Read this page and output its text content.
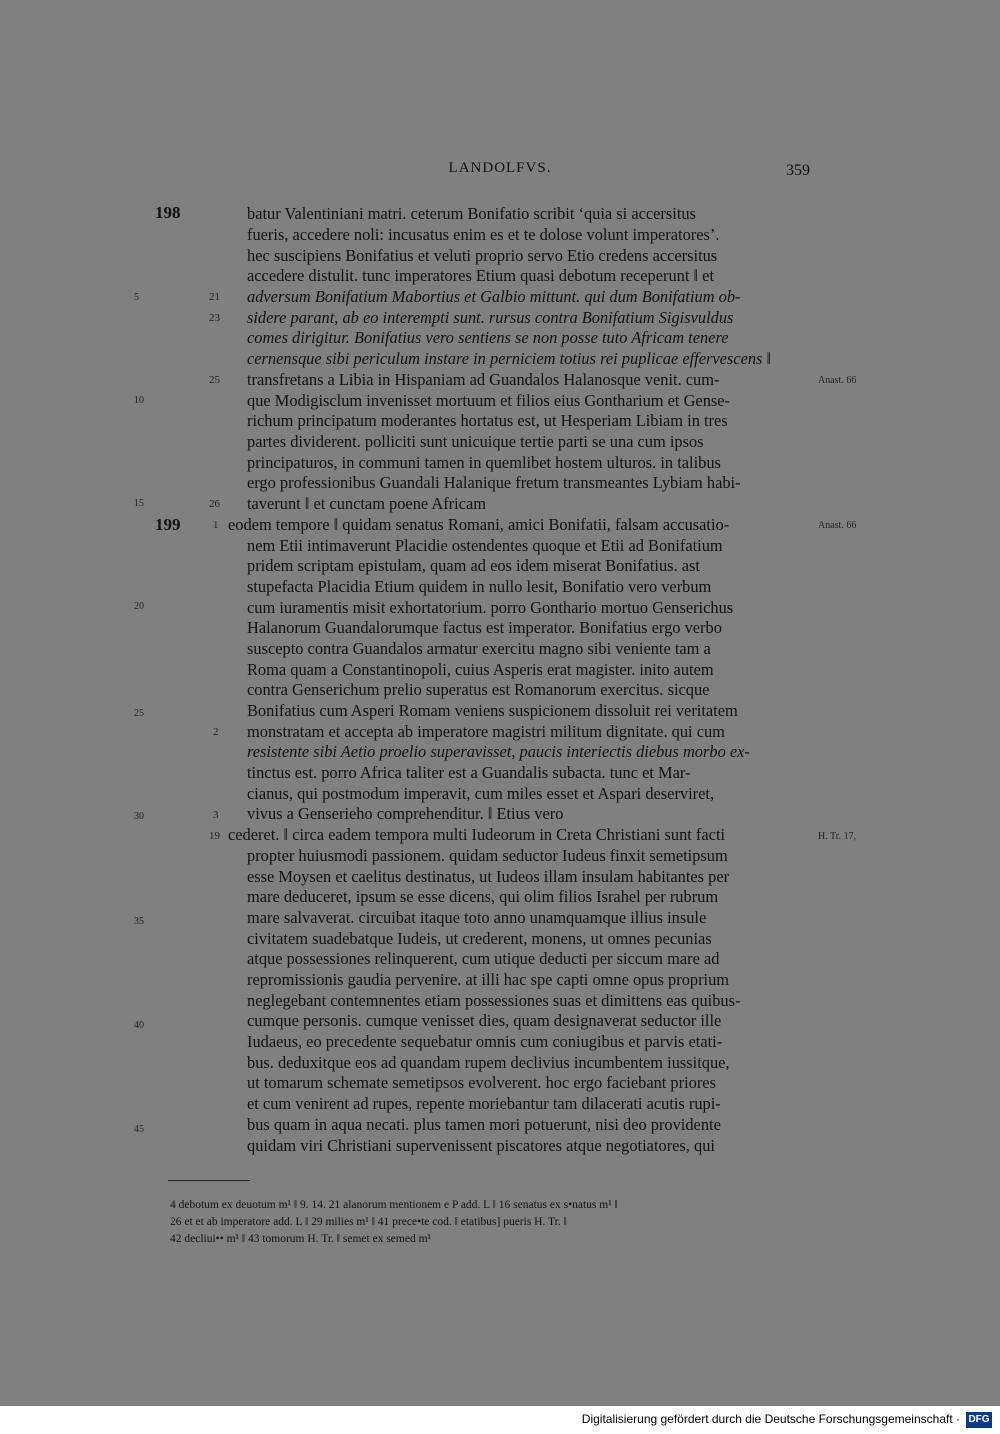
LANDOLFVS.	359
198
199
5
10
15
20
25
30
35
40
45
21
23
25
26
1
2
3
19
Anast. 66
Anast. 66
H. Tr. 17,
batur Valentiniani matri. ceterum Bonifatio scribit ‘quia si accersitus
fueris, accedere noli: incusatus enim es et te dolose volunt imperatores’.
hec suscipiens Bonifatius et veluti proprio servo Etio credens accersitus
accedere distulit. tunc imperatores Etium quasi debotum receperunt ‖ et
adversum Bonifatium Mabortius et Galbio mittunt. qui dum Bonifatium ob-
sidere parant, ab eo interempti sunt. rursus contra Bonifatium Sigisvuldus
comes dirigitur. Bonifatius vero sentiens se non posse tuto Africam tenere
cernensque sibi periculum instare in perniciem totius rei puplicae effervescens ‖
transfretans a Libia in Hispaniam ad Guandalos Halanosque venit. cum-
que Modigisclum invenisset mortuum et filios eius Gontharium et Gense-
richum principatum moderantes hortatus est, ut Hesperiam Libiam in tres
partes dividerent. polliciti sunt unicuique tertie parti se una cum ipsos
principaturos, in communi tamen in quemlibet hostem ulturos. in talibus
ergo professionibus Guandali Halanique fretum transmeantes Lybiam habi-
taverunt ‖ et cunctam poene Africam
eodem tempore ‖ quidam senatus Romani, amici Bonifatii, falsam accusatio-
nem Etii intimaverunt Placidie ostendentes quoque et Etii ad Bonifatium
pridem scriptam epistulam, quam ad eos idem miserat Bonifatius. ast
stupefacta Placidia Etium quidem in nullo lesit, Bonifatio vero verbum
cum iuramentis misit exhortatorium. porro Gonthario mortuo Genserichus
Halanorum Guandalorumque factus est imperator. Bonifatius ergo verbo
suscepto contra Guandalos armatur exercitu magno sibi veniente tam a
Roma quam a Constantinopoli, cuius Asperis erat magister. inito autem
contra Genserichum prelio superatus est Romanorum exercitus. sicque
Bonifatius cum Asperi Romam veniens suspicionem dissoluit rei veritatem
monstratam et accepta ab imperatore magistri militum dignitate. qui cum
resistente sibi Aetio proelio superavisset, paucis interiectis diebus morbo ex-
tinctus est. porro Africa taliter est a Guandalis subacta. tunc et Mar-
cianus, qui postmodum imperavit, cum miles esset et Aspari deserviret,
vivus a Genserieho comprehenditur. ‖ Etius vero
cederet. ‖ circa eadem tempora multi Iudeorum in Creta Christiani sunt facti
propter huiusmodi passionem. quidam seductor Iudeus finxit semetipsum
esse Moysen et caelitus destinatus, ut Iudeos illam insulam habitantes per
mare deduceret, ipsum se esse dicens, qui olim filios Israhel per rubrum
mare salvaverat. circuibat itaque toto anno unamquamque illius insule
civitatem suadebatque Iudeis, ut crederent, monens, ut omnes pecunias
atque possessiones relinquerent, cum utique deducti per siccum mare ad
repromissionis gaudia pervenire. at illi hac spe capti omne opus proprium
neglegebant contemnentes etiam possessiones suas et dimittens eas quibus-
cumque personis. cumque venisset dies, quam designaverat seductor ille
Iudaeus, eo precedente sequebatur omnis cum coniugibus et parvis etati-
bus. deduxitque eos ad quandam rupem declivius incumbentem iussitque,
ut tomarum schemate semetipsos evolverent. hoc ergo faciebant priores
et cum venirent ad rupes, repente moriebantur tam dilacerati acutis rupi-
bus quam in aqua necati. plus tamen mori potuerunt, nisi deo providente
quidam viri Christiani supervenissent piscatores atque negotiatores, qui
4 debotum ex deuotum m¹ ‖ 9. 14. 21 alanorum mentionem e P add. L ‖ 16 senatus ex s•natus m¹ ‖
26 et et ab imperatore add. L ‖ 29 milies m¹ ‖ 41 prece•te cod. ‖ etatibus] pueris H. Tr. ‖
42 decliui•• m¹ ‖ 43 tomorum H. Tr. ‖ semet ex semed m¹
Digitalisierung gefördert durch die Deutsche Forschungsgemeinschaft · DFG
